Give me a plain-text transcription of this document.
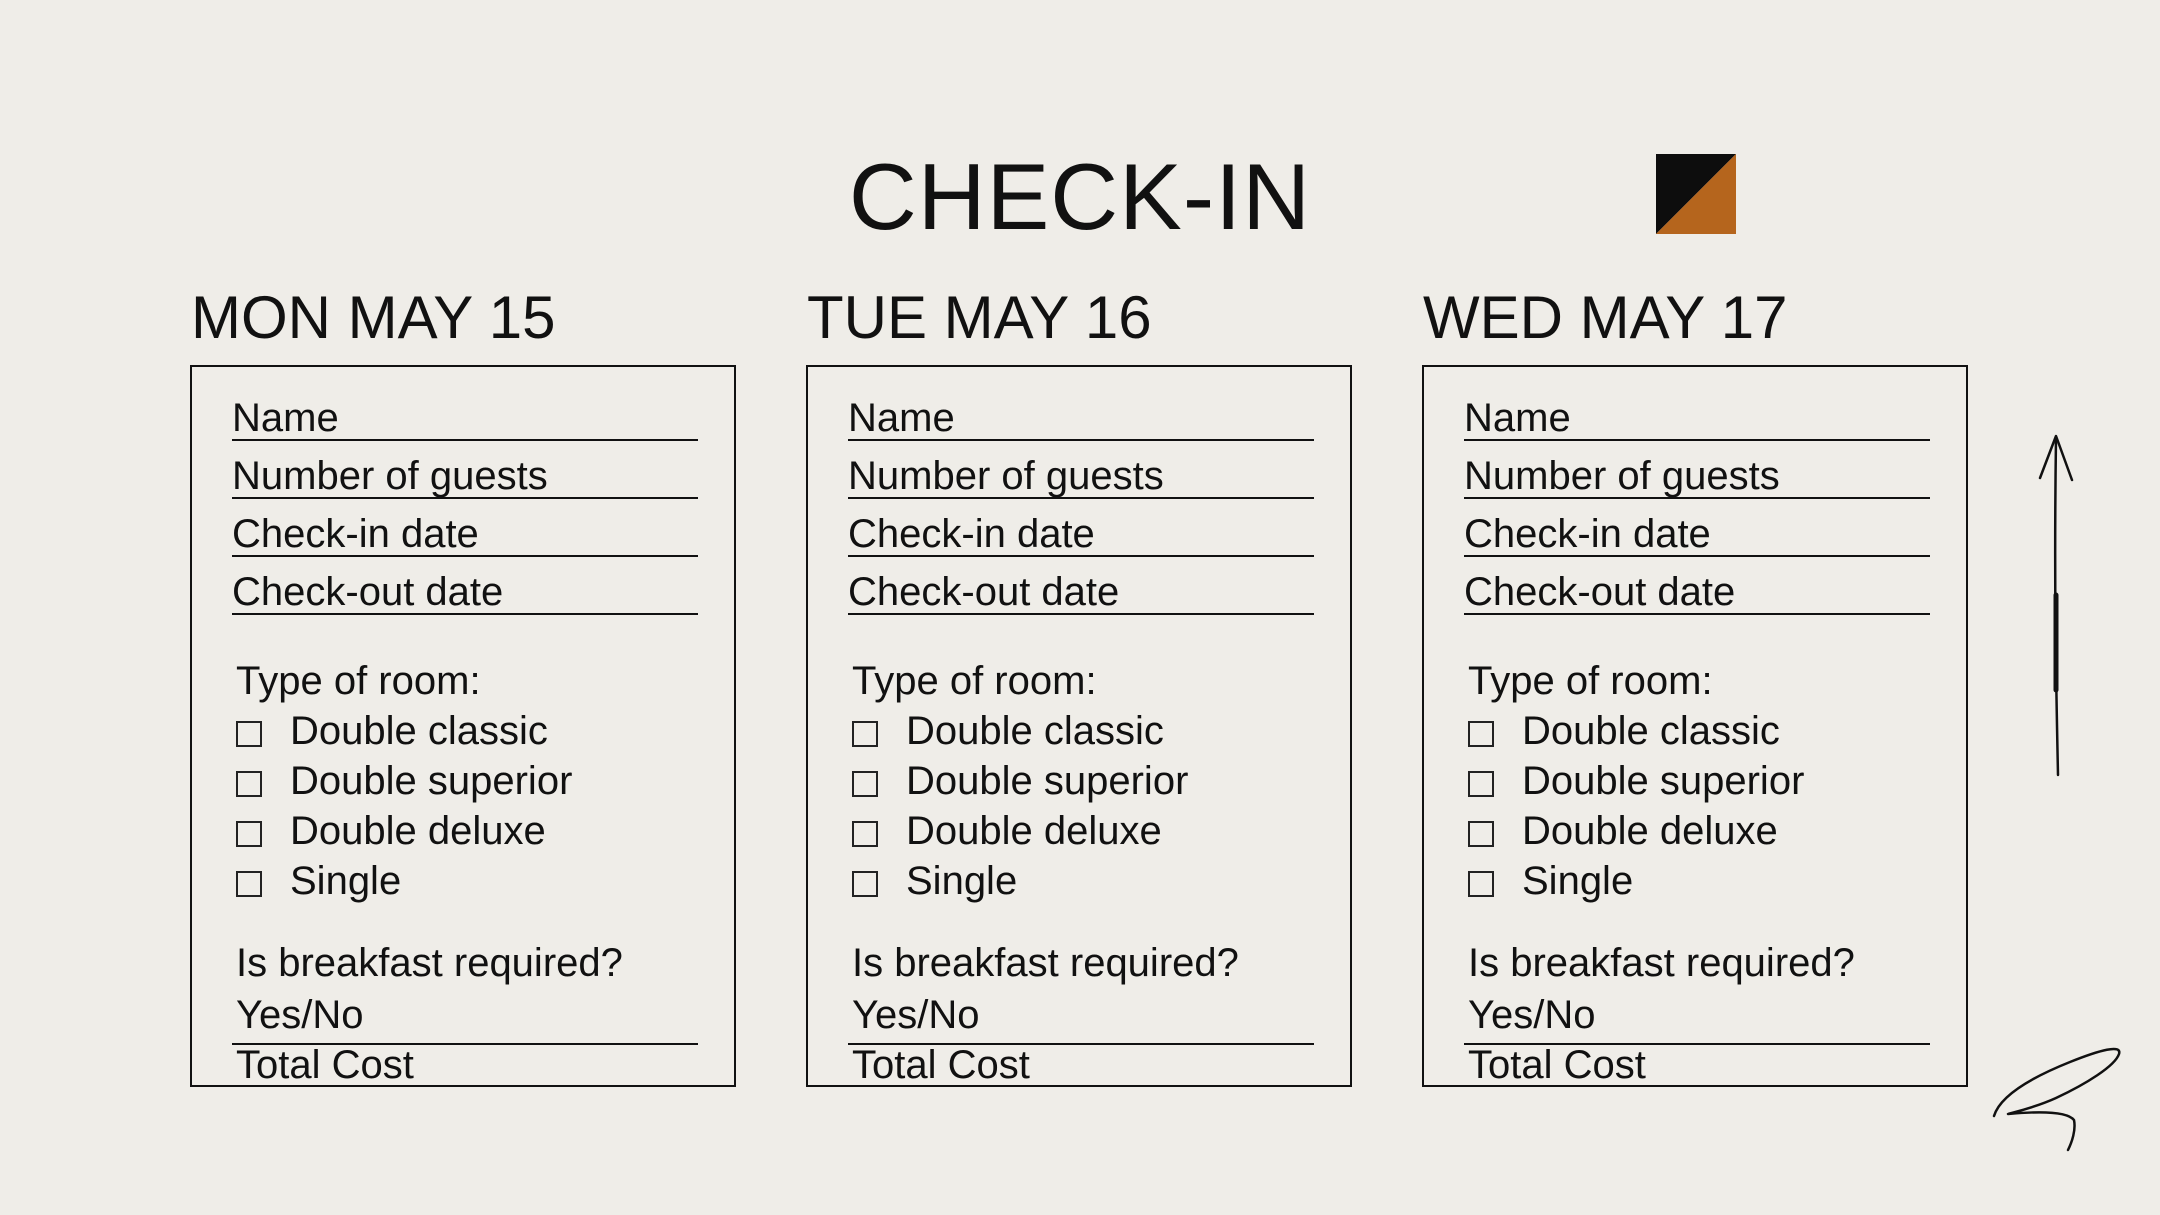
CHECK-IN
MON MAY 15
Name
Number of guests
Check-in date
Check-out date
Type of room:
Double classic
Double superior
Double deluxe
Single
Is breakfast required?
Yes/No
Total Cost
TUE MAY 16
Name
Number of guests
Check-in date
Check-out date
Type of room:
Double classic
Double superior
Double deluxe
Single
Is breakfast required?
Yes/No
Total Cost
WED MAY 17
Name
Number of guests
Check-in date
Check-out date
Type of room:
Double classic
Double superior
Double deluxe
Single
Is breakfast required?
Yes/No
Total Cost
